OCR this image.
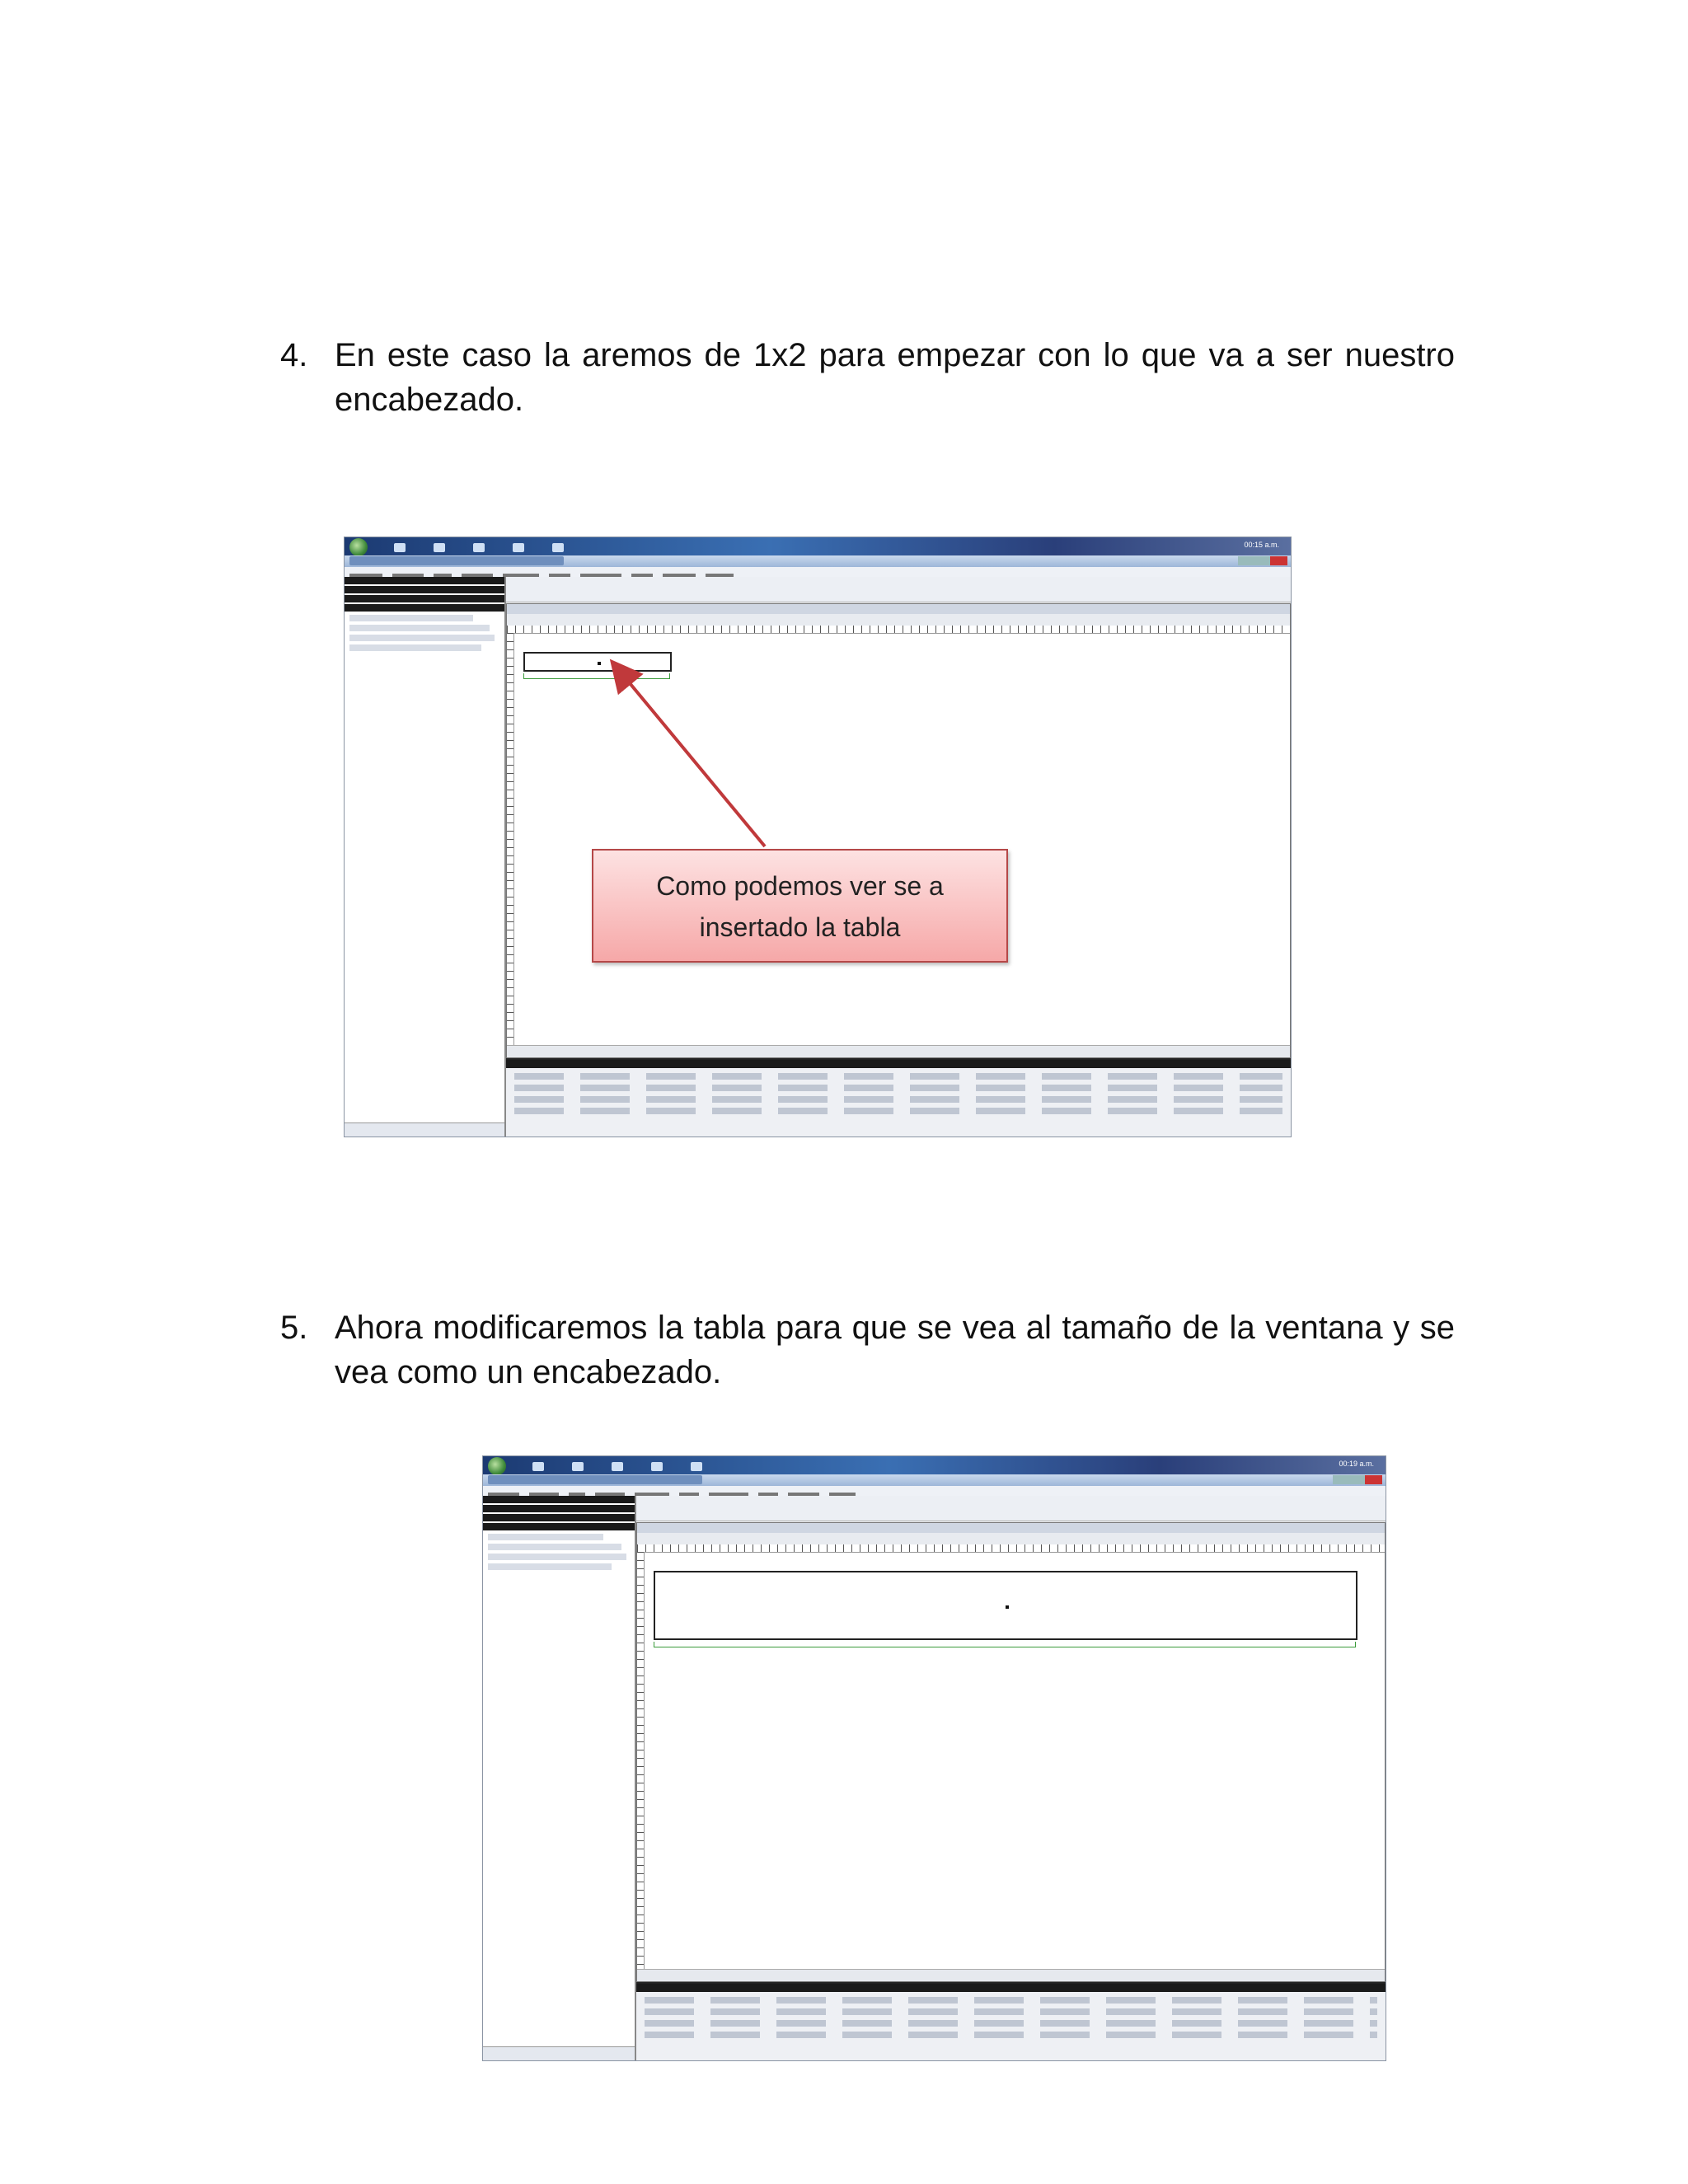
4. En este caso la aremos de 1x2 para empezar con lo que va a ser nuestro encabezado.
00:15 a.m.
Como podemos ver se a
insertado la tabla
5. Ahora modificaremos la tabla para que se vea al tamaño de la ventana y se vea como un encabezado.
00:19 a.m.
